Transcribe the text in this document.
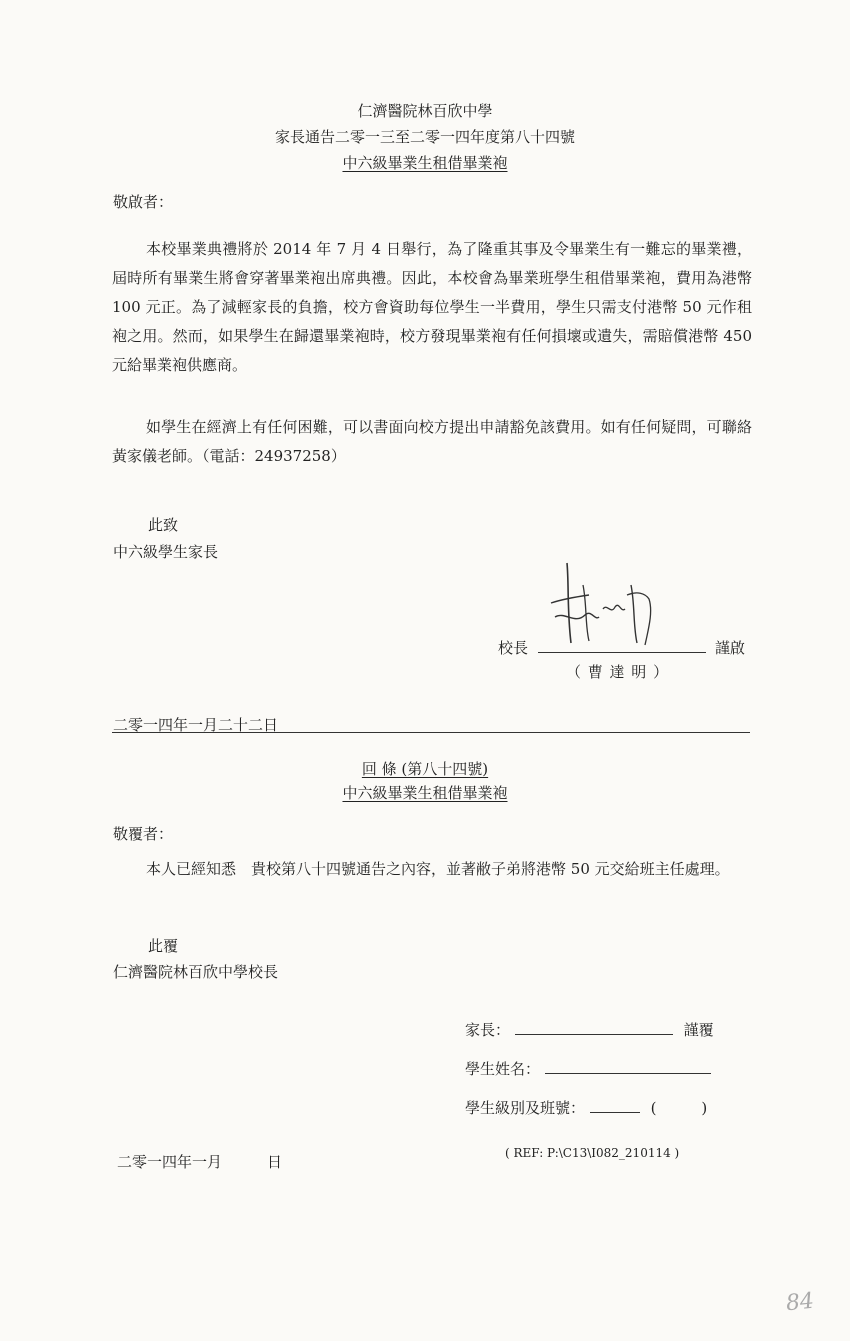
仁濟醫院林百欣中學
家長通告二零一三至二零一四年度第八十四號
中六級畢業生租借畢業袍
敬啟者：
本校畢業典禮將於 2014 年 7 月 4 日舉行，為了隆重其事及令畢業生有一難忘的畢業禮，屆時所有畢業生將會穿著畢業袍出席典禮。因此，本校會為畢業班學生租借畢業袍，費用為港幣 100 元正。為了減輕家長的負擔，校方會資助每位學生一半費用，學生只需支付港幣 50 元作租袍之用。然而，如果學生在歸還畢業袍時，校方發現畢業袍有任何損壞或遺失，需賠償港幣 450 元給畢業袍供應商。
如學生在經濟上有任何困難，可以書面向校方提出申請豁免該費用。如有任何疑問，可聯絡黃家儀老師。（電話：24937258）
此致
中六級學生家長
校長	謹啟
（ 曹 達 明 ）
二零一四年一月二十二日
回 條 (第八十四號)
中六級畢業生租借畢業袍
敬覆者：
本人已經知悉　貴校第八十四號通告之內容，並著敝子弟將港幣 50 元交給班主任處理。
此覆
仁濟醫院林百欣中學校長
家長：	謹覆
學生姓名：
學生級別及班號：	(　　　)
二零一四年一月　　　日	( REF: P:\C13\I082_210114 )
84
